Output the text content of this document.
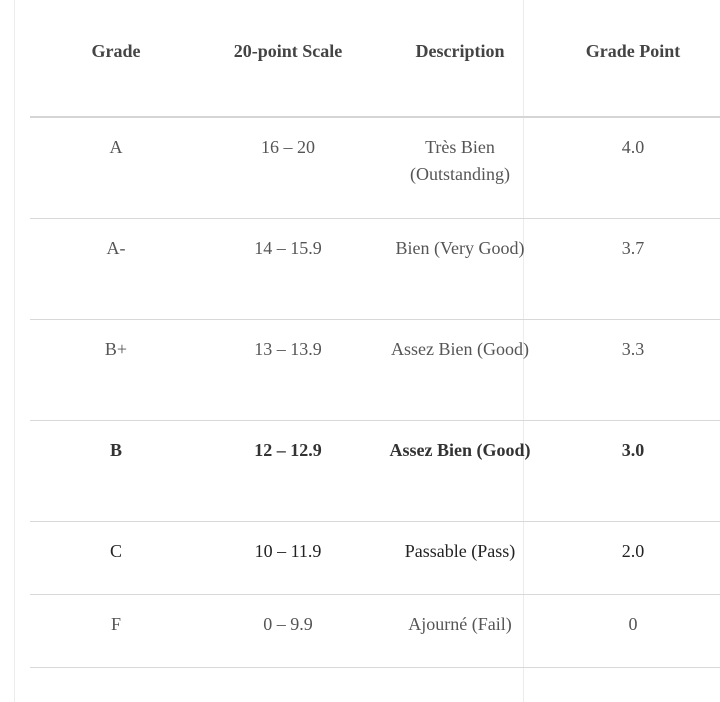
Grade	20-point Scale	Description	Grade Point
A	16 – 20	Très Bien (Outstanding)	4.0
A-	14 – 15.9	Bien (Very Good)	3.7
B+	13 – 13.9	Assez Bien (Good)	3.3
B	12 – 12.9	Assez Bien (Good)	3.0
C	10 – 11.9	Passable (Pass)	2.0
F	0 – 9.9	Ajourné (Fail)	0
